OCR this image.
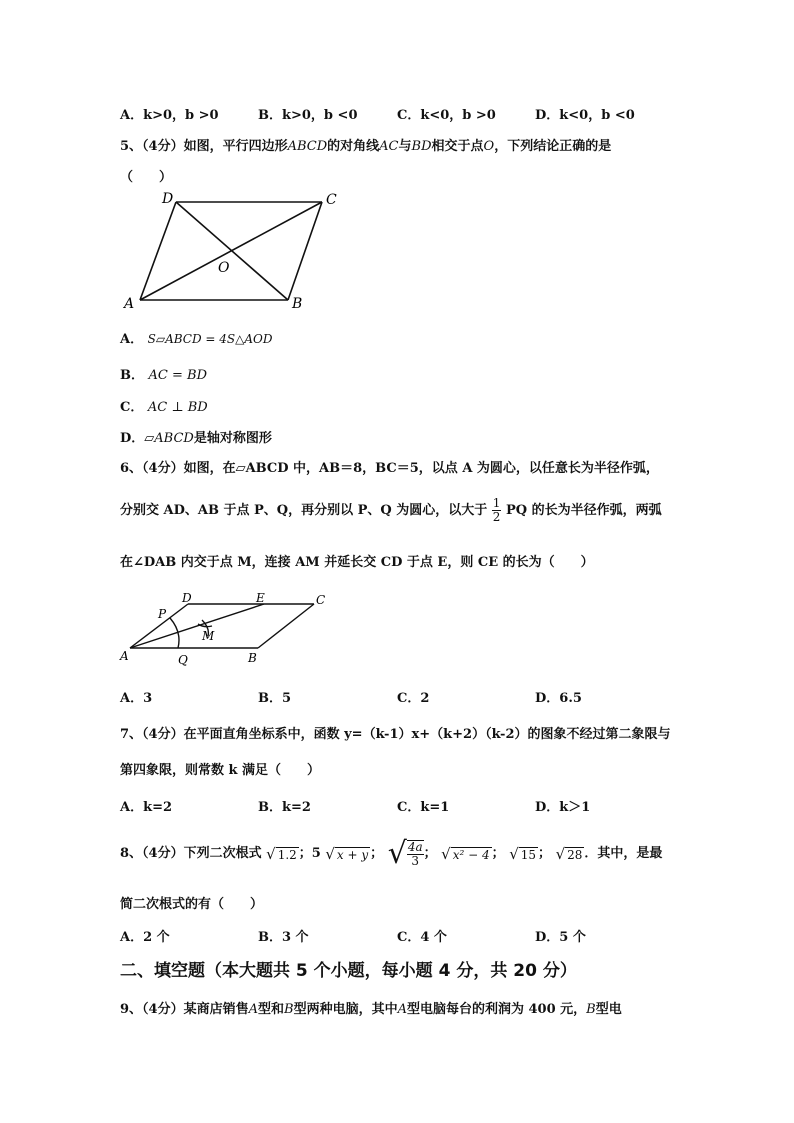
A．k>0，b >0	B．k>0，b <0	C．k<0，b >0	D．k<0，b <0
5、（4分）如图，平行四边形ABCD的对角线AC与BD相交于点O，下列结论正确的是
（　　）
D	C
A	B
O
A． S▱ABCD = 4S△AOD
B． AC = BD
C． AC ⊥ BD
D．▱ABCD是轴对称图形
6、（4分）如图，在▱ABCD 中，AB＝8，BC＝5，以点 A 为圆心，以任意长为半径作弧，
分别交 AD、AB 于点 P、Q，再分别以 P、Q 为圆心，以大于 $\frac{1}{2}$ PQ 的长为半径作弧，两弧
在∠DAB 内交于点 M，连接 AM 并延长交 CD 于点 E，则 CE 的长为（　　）
P
D	E	C
M
A	Q	B
A．3	B．5	C．2	D．6.5
7、（4分）在平面直角坐标系中，函数 y=（k-1）x+（k+2）（k-2）的图象不经过第二象限与
第四象限，则常数 k 满足（　　）
A．k=2	B．k=2	C．k=1	D．k＞1
8、（4分）下列二次根式 √ 1.2 ；5 √ x + y ； √ $\frac{4a}{3}$ ； √ x² − 4 ； √ 15 ； √ 28 ．其中，是最
简二次根式的有（　　）
A．2 个	B．3 个	C．4 个	D．5 个
二、填空题（本大题共 5 个小题，每小题 4 分，共 20 分）
9、（4分）某商店销售A型和B型两种电脑，其中A型电脑每台的利润为 400 元，B型电
